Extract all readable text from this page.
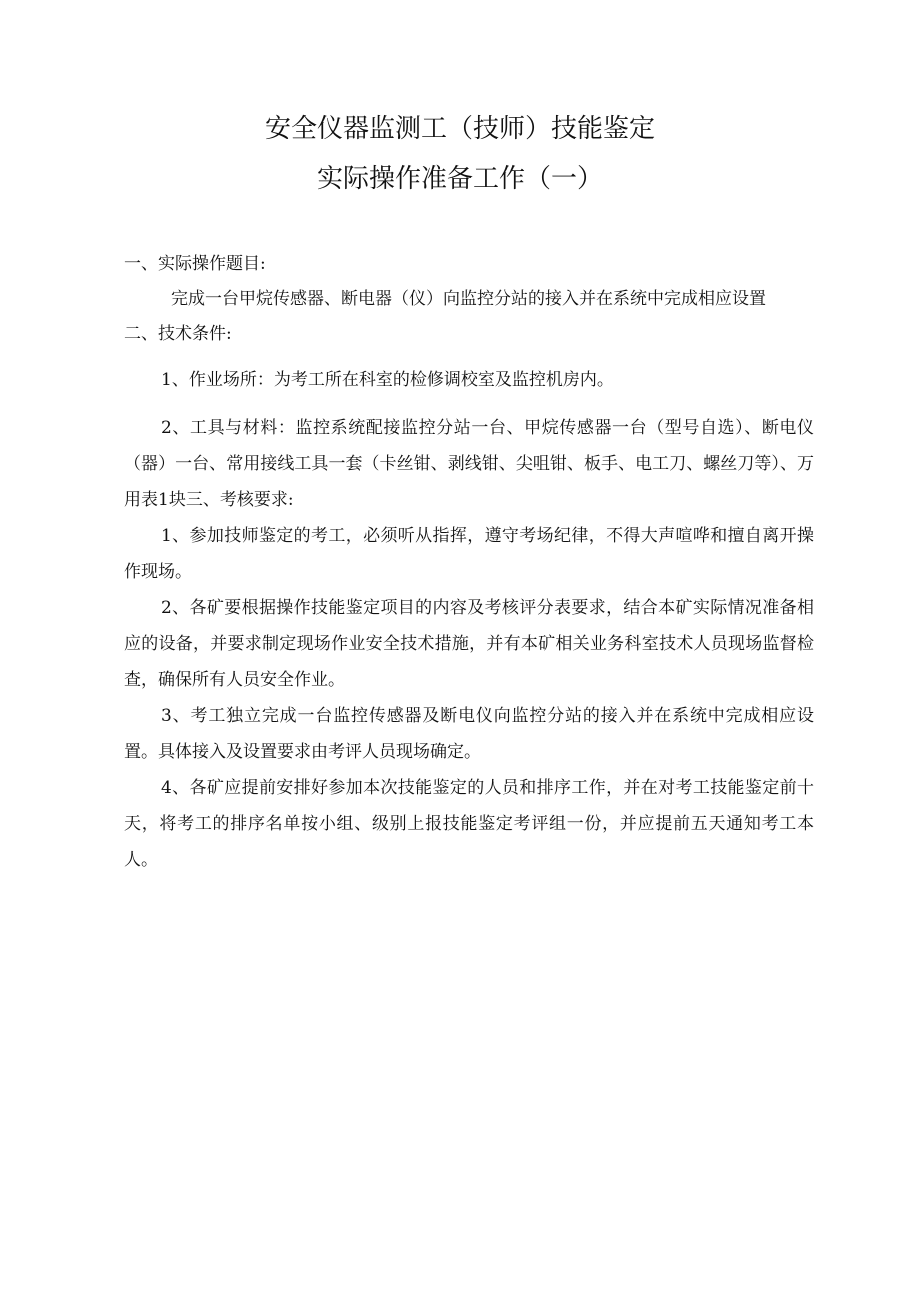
安全仪器监测工（技师）技能鉴定
实际操作准备工作（一）
一、实际操作题目:
完成一台甲烷传感器、断电器（仪）向监控分站的接入并在系统中完成相应设置
二、技术条件:
1、作业场所：为考工所在科室的检修调校室及监控机房内。
2、工具与材料：监控系统配接监控分站一台、甲烷传感器一台（型号自选）、断电仪（器）一台、常用接线工具一套（卡丝钳、剥线钳、尖咀钳、板手、电工刀、螺丝刀等）、万用表1块三、考核要求:
1、参加技师鉴定的考工，必须听从指挥，遵守考场纪律，不得大声喧哗和擅自离开操作现场。
2、各矿要根据操作技能鉴定项目的内容及考核评分表要求，结合本矿实际情况准备相应的设备，并要求制定现场作业安全技术措施，并有本矿相关业务科室技术人员现场监督检查，确保所有人员安全作业。
3、考工独立完成一台监控传感器及断电仪向监控分站的接入并在系统中完成相应设置。具体接入及设置要求由考评人员现场确定。
4、各矿应提前安排好参加本次技能鉴定的人员和排序工作，并在对考工技能鉴定前十天，将考工的排序名单按小组、级别上报技能鉴定考评组一份，并应提前五天通知考工本人。
